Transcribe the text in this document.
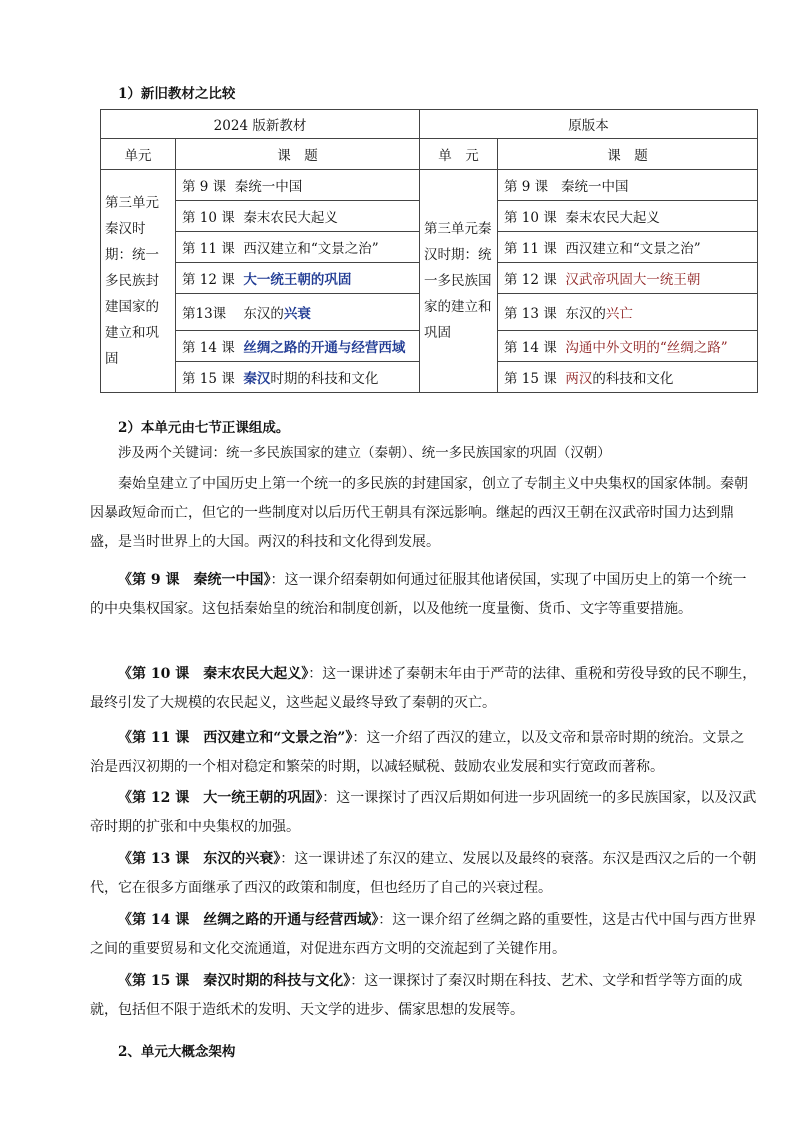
1）新旧教材之比较
2024 版新教材		原版本	
单元	课　题	单　元	课　题
第三单元秦汉时期：统一多民族封建国家的建立和巩固	第 9 课 秦统一中国	第三单元秦汉时期：统一多民族国家的建立和巩固	第 9 课 秦统一中国
	第 10 课 秦末农民大起义		第 10 课 秦末农民大起义
	第 11 课 西汉建立和“文景之治”		第 11 课 西汉建立和“文景之治”
	第 12 课 大一统王朝的巩固		第 12 课 汉武帝巩固大一统王朝
	第13课 东汉的兴衰		第 13 课 东汉的兴亡
	第 14 课 丝绸之路的开通与经营西域		第 14 课 沟通中外文明的“丝绸之路”
	第 15 课 秦汉时期的科技和文化		第 15 课 两汉的科技和文化
2）本单元由七节正课组成。
涉及两个关键词：统一多民族国家的建立（秦朝）、统一多民族国家的巩固（汉朝）
秦始皇建立了中国历史上第一个统一的多民族的封建国家，创立了专制主义中央集权的国家体制。秦朝因暴政短命而亡，但它的一些制度对以后历代王朝具有深远影响。继起的西汉王朝在汉武帝时国力达到鼎盛，是当时世界上的大国。两汉的科技和文化得到发展。
《第 9 课　秦统一中国》：这一课介绍秦朝如何通过征服其他诸侯国，实现了中国历史上的第一个统一的中央集权国家。这包括秦始皇的统治和制度创新，以及他统一度量衡、货币、文字等重要措施。
《第 10 课　秦末农民大起义》：这一课讲述了秦朝末年由于严苛的法律、重税和劳役导致的民不聊生，最终引发了大规模的农民起义，这些起义最终导致了秦朝的灭亡。
《第 11 课　西汉建立和“文景之治”》：这一介绍了西汉的建立，以及文帝和景帝时期的统治。文景之治是西汉初期的一个相对稳定和繁荣的时期，以减轻赋税、鼓励农业发展和实行宽政而著称。
《第 12 课　大一统王朝的巩固》：这一课探讨了西汉后期如何进一步巩固统一的多民族国家，以及汉武帝时期的扩张和中央集权的加强。
《第 13 课　东汉的兴衰》：这一课讲述了东汉的建立、发展以及最终的衰落。东汉是西汉之后的一个朝代，它在很多方面继承了西汉的政策和制度，但也经历了自己的兴衰过程。
《第 14 课　丝绸之路的开通与经营西域》：这一课介绍了丝绸之路的重要性，这是古代中国与西方世界之间的重要贸易和文化交流通道，对促进东西方文明的交流起到了关键作用。
《第 15 课　秦汉时期的科技与文化》：这一课探讨了秦汉时期在科技、艺术、文学和哲学等方面的成就，包括但不限于造纸术的发明、天文学的进步、儒家思想的发展等。
2、单元大概念架构
